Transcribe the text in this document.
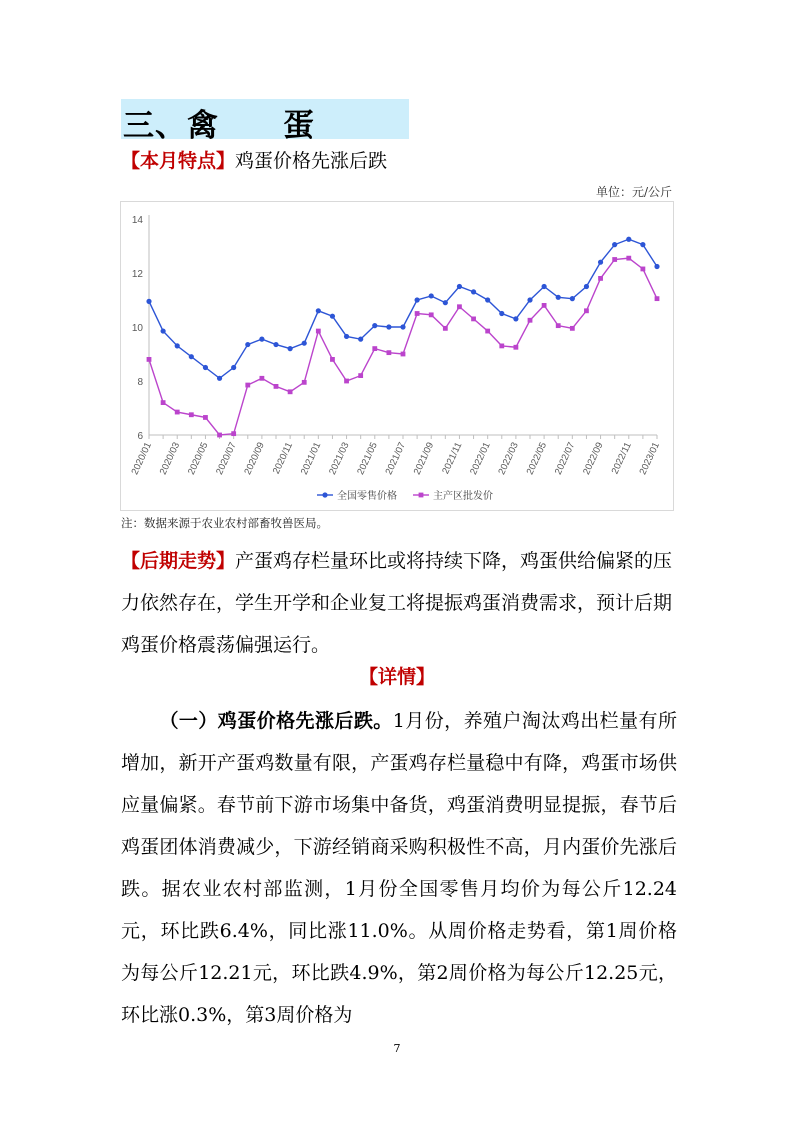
三、禽　　蛋
【本月特点】鸡蛋价格先涨后跌
单位：元/公斤
6
8
10
12
14
2020/01 2020/03 2020/05 2020/07 2020/09 2020/11 2021/01 2021/03 2021/05 2021/07 2021/09 2021/11 2022/01 2022/03 2022/05 2022/07 2022/09 2022/11 2023/01
全国零售价格	主产区批发价
注：数据来源于农业农村部畜牧兽医局。
【后期走势】产蛋鸡存栏量环比或将持续下降，鸡蛋供给偏紧的压力依然存在，学生开学和企业复工将提振鸡蛋消费需求，预计后期鸡蛋价格震荡偏强运行。
【详情】
（一）鸡蛋价格先涨后跌。1月份，养殖户淘汰鸡出栏量有所增加，新开产蛋鸡数量有限，产蛋鸡存栏量稳中有降，鸡蛋市场供应量偏紧。春节前下游市场集中备货，鸡蛋消费明显提振，春节后鸡蛋团体消费减少，下游经销商采购积极性不高，月内蛋价先涨后跌。据农业农村部监测，1月份全国零售月均价为每公斤12.24元，环比跌6.4%，同比涨11.0%。从周价格走势看，第1周价格为每公斤12.21元，环比跌4.9%，第2周价格为每公斤12.25元，环比涨0.3%，第3周价格为
7
